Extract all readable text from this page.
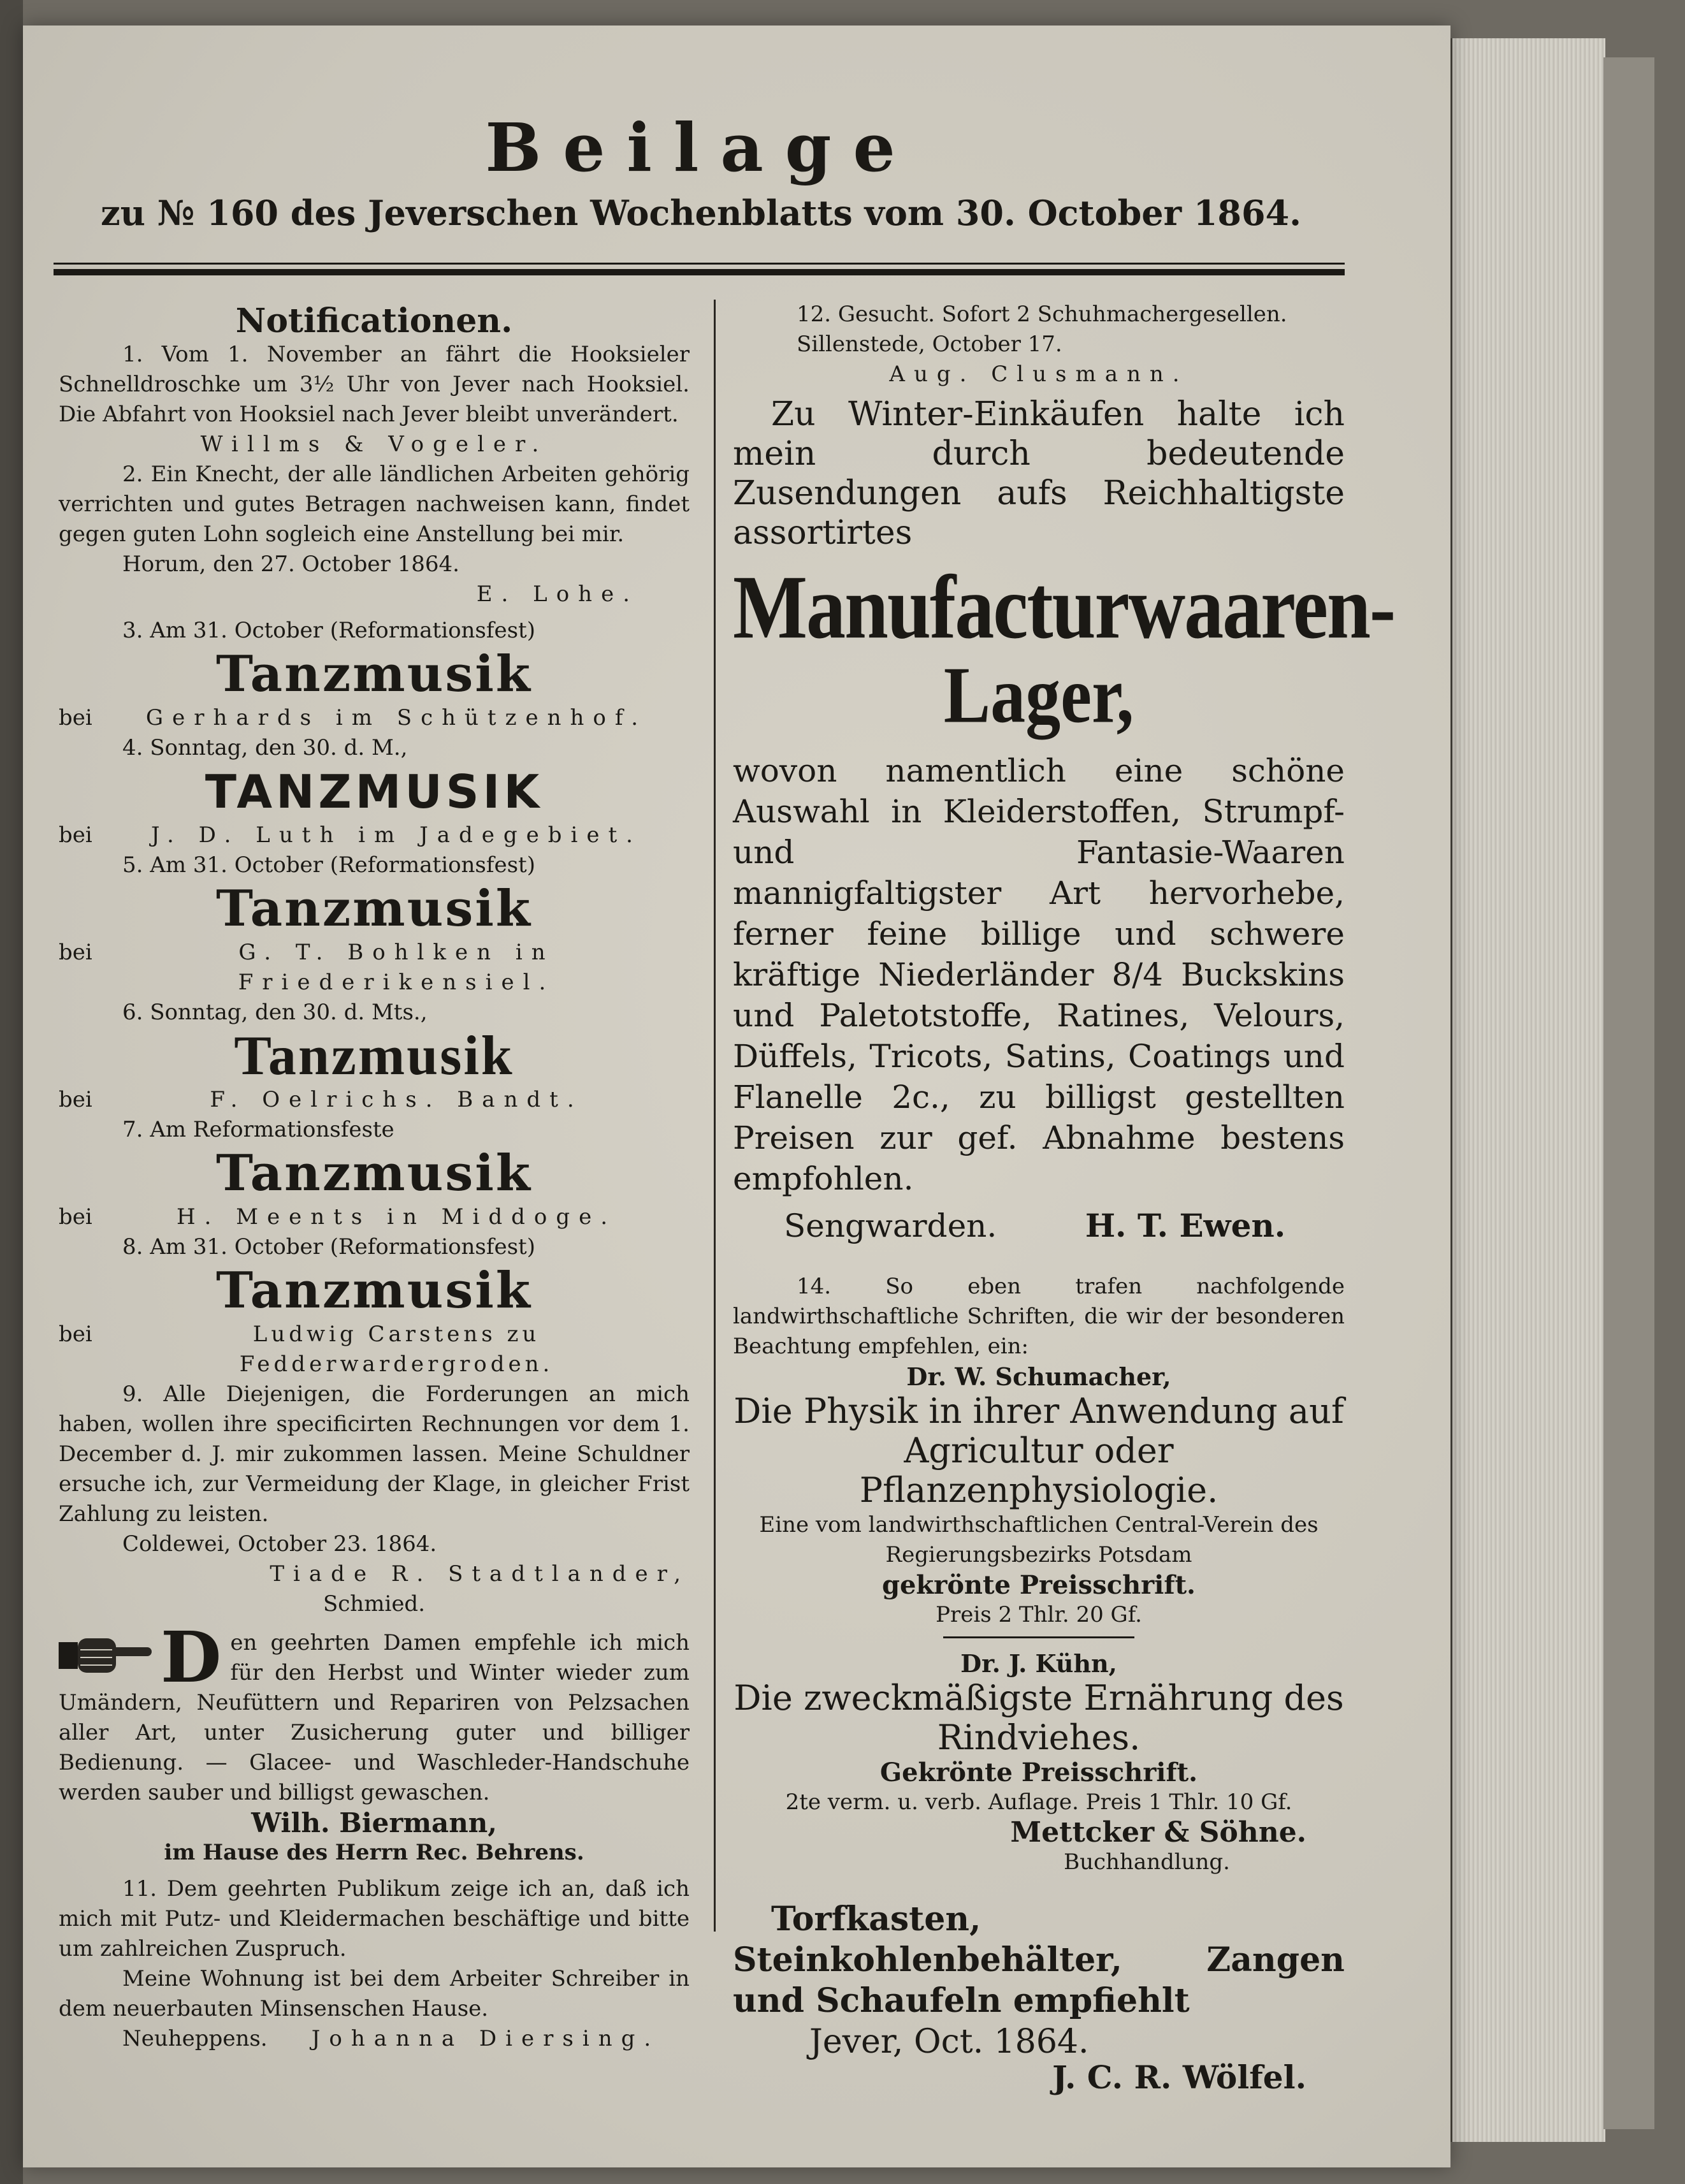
Beilage
zu № 160 des Jeverschen Wochenblatts vom 30. October 1864.
Notificationen.

1. Vom 1. November an fährt die Hooksieler Schnelldroschke um 3½ Uhr von Jever nach Hooksiel. Die Abfahrt von Hooksiel nach Jever bleibt unverändert.

Willms & Vogeler.

2. Ein Knecht, der alle ländlichen Arbeiten gehörig verrichten und gutes Betragen nachweisen kann, findet gegen guten Lohn sogleich eine Anstellung bei mir.

Horum, den 27. October 1864.

E. Lohe.

3. Am 31. October (Reformationsfest)

Tanzmusik
bei	Gerhards im Schützenhof.

4. Sonntag, den 30. d. M.,

TANZMUSIK
bei	J. D. Luth im Jadegebiet.

5. Am 31. October (Reformationsfest)

Tanzmusik
bei	G. T. Bohlken in Friederikensiel.

6. Sonntag, den 30. d. Mts.,

Tanzmusik
bei	F. Oelrichs. Bandt.

7. Am Reformationsfeste

Tanzmusik
bei	H. Meents in Middoge.

8. Am 31. October (Reformationsfest)

Tanzmusik
bei	Ludwig Carstens zu Fedderwardergroden.

9. Alle Diejenigen, die Forderungen an mich haben, wollen ihre specificirten Rechnungen vor dem 1. December d. J. mir zukommen lassen. Meine Schuldner ersuche ich, zur Vermeidung der Klage, in gleicher Frist Zahlung zu leisten.

Coldewei, October 23. 1864.

Tiade R. Stadtlander,

Schmied.

D en geehrten Damen empfehle ich mich für den Herbst und Winter wieder zum Umändern, Neufüttern und Repariren von Pelzsachen aller Art, unter Zusicherung guter und billiger Bedienung. — Glacee- und Waschleder-Handschuhe werden sauber und billigst gewaschen.

Wilh. Biermann,

im Hause des Herrn Rec. Behrens.

11. Dem geehrten Publikum zeige ich an, daß ich mich mit Putz- und Kleidermachen beschäftige und bitte um zahlreichen Zuspruch.

Meine Wohnung ist bei dem Arbeiter Schreiber in dem neuerbauten Minsenschen Hause.

Neuheppens.	Johanna Diersing.

12. Gesucht. Sofort 2 Schuhmachergesellen.

Sillenstede, October 17.

Aug. Clusmann.

Zu Winter-Einkäufen halte ich mein durch bedeutende Zusendungen aufs Reichhaltigste assortirtes

Manufacturwaaren-
Lager,

wovon namentlich eine schöne Auswahl in Kleiderstoffen, Strumpf- und Fantasie-Waaren mannigfaltigster Art hervorhebe, ferner feine billige und schwere kräftige Niederländer 8/4 Buckskins und Paletotstoffe, Ratines, Velours, Düffels, Tricots, Satins, Coatings und Flanelle 2c., zu billigst gestellten Preisen zur gef. Abnahme bestens empfohlen.

Sengwarden.	H. T. Ewen.

14. So eben trafen nachfolgende landwirthschaftliche Schriften, die wir der besonderen Beachtung empfehlen, ein:

Dr. W. Schumacher,

Die Physik in ihrer Anwendung auf Agricultur oder Pflanzenphysiologie.

Eine vom landwirthschaftlichen Central-Verein des Regierungsbezirks Potsdam

gekrönte Preisschrift.

Preis 2 Thlr. 20 Gf.

Dr. J. Kühn,

Die zweckmäßigste Ernährung des Rindviehes.

Gekrönte Preisschrift.

2te verm. u. verb. Auflage. Preis 1 Thlr. 10 Gf.

Mettcker & Söhne.

Buchhandlung.

Torfkasten, Steinkohlenbehälter, Zangen und Schaufeln empfiehlt

Jever, Oct. 1864.

J. C. R. Wölfel.
